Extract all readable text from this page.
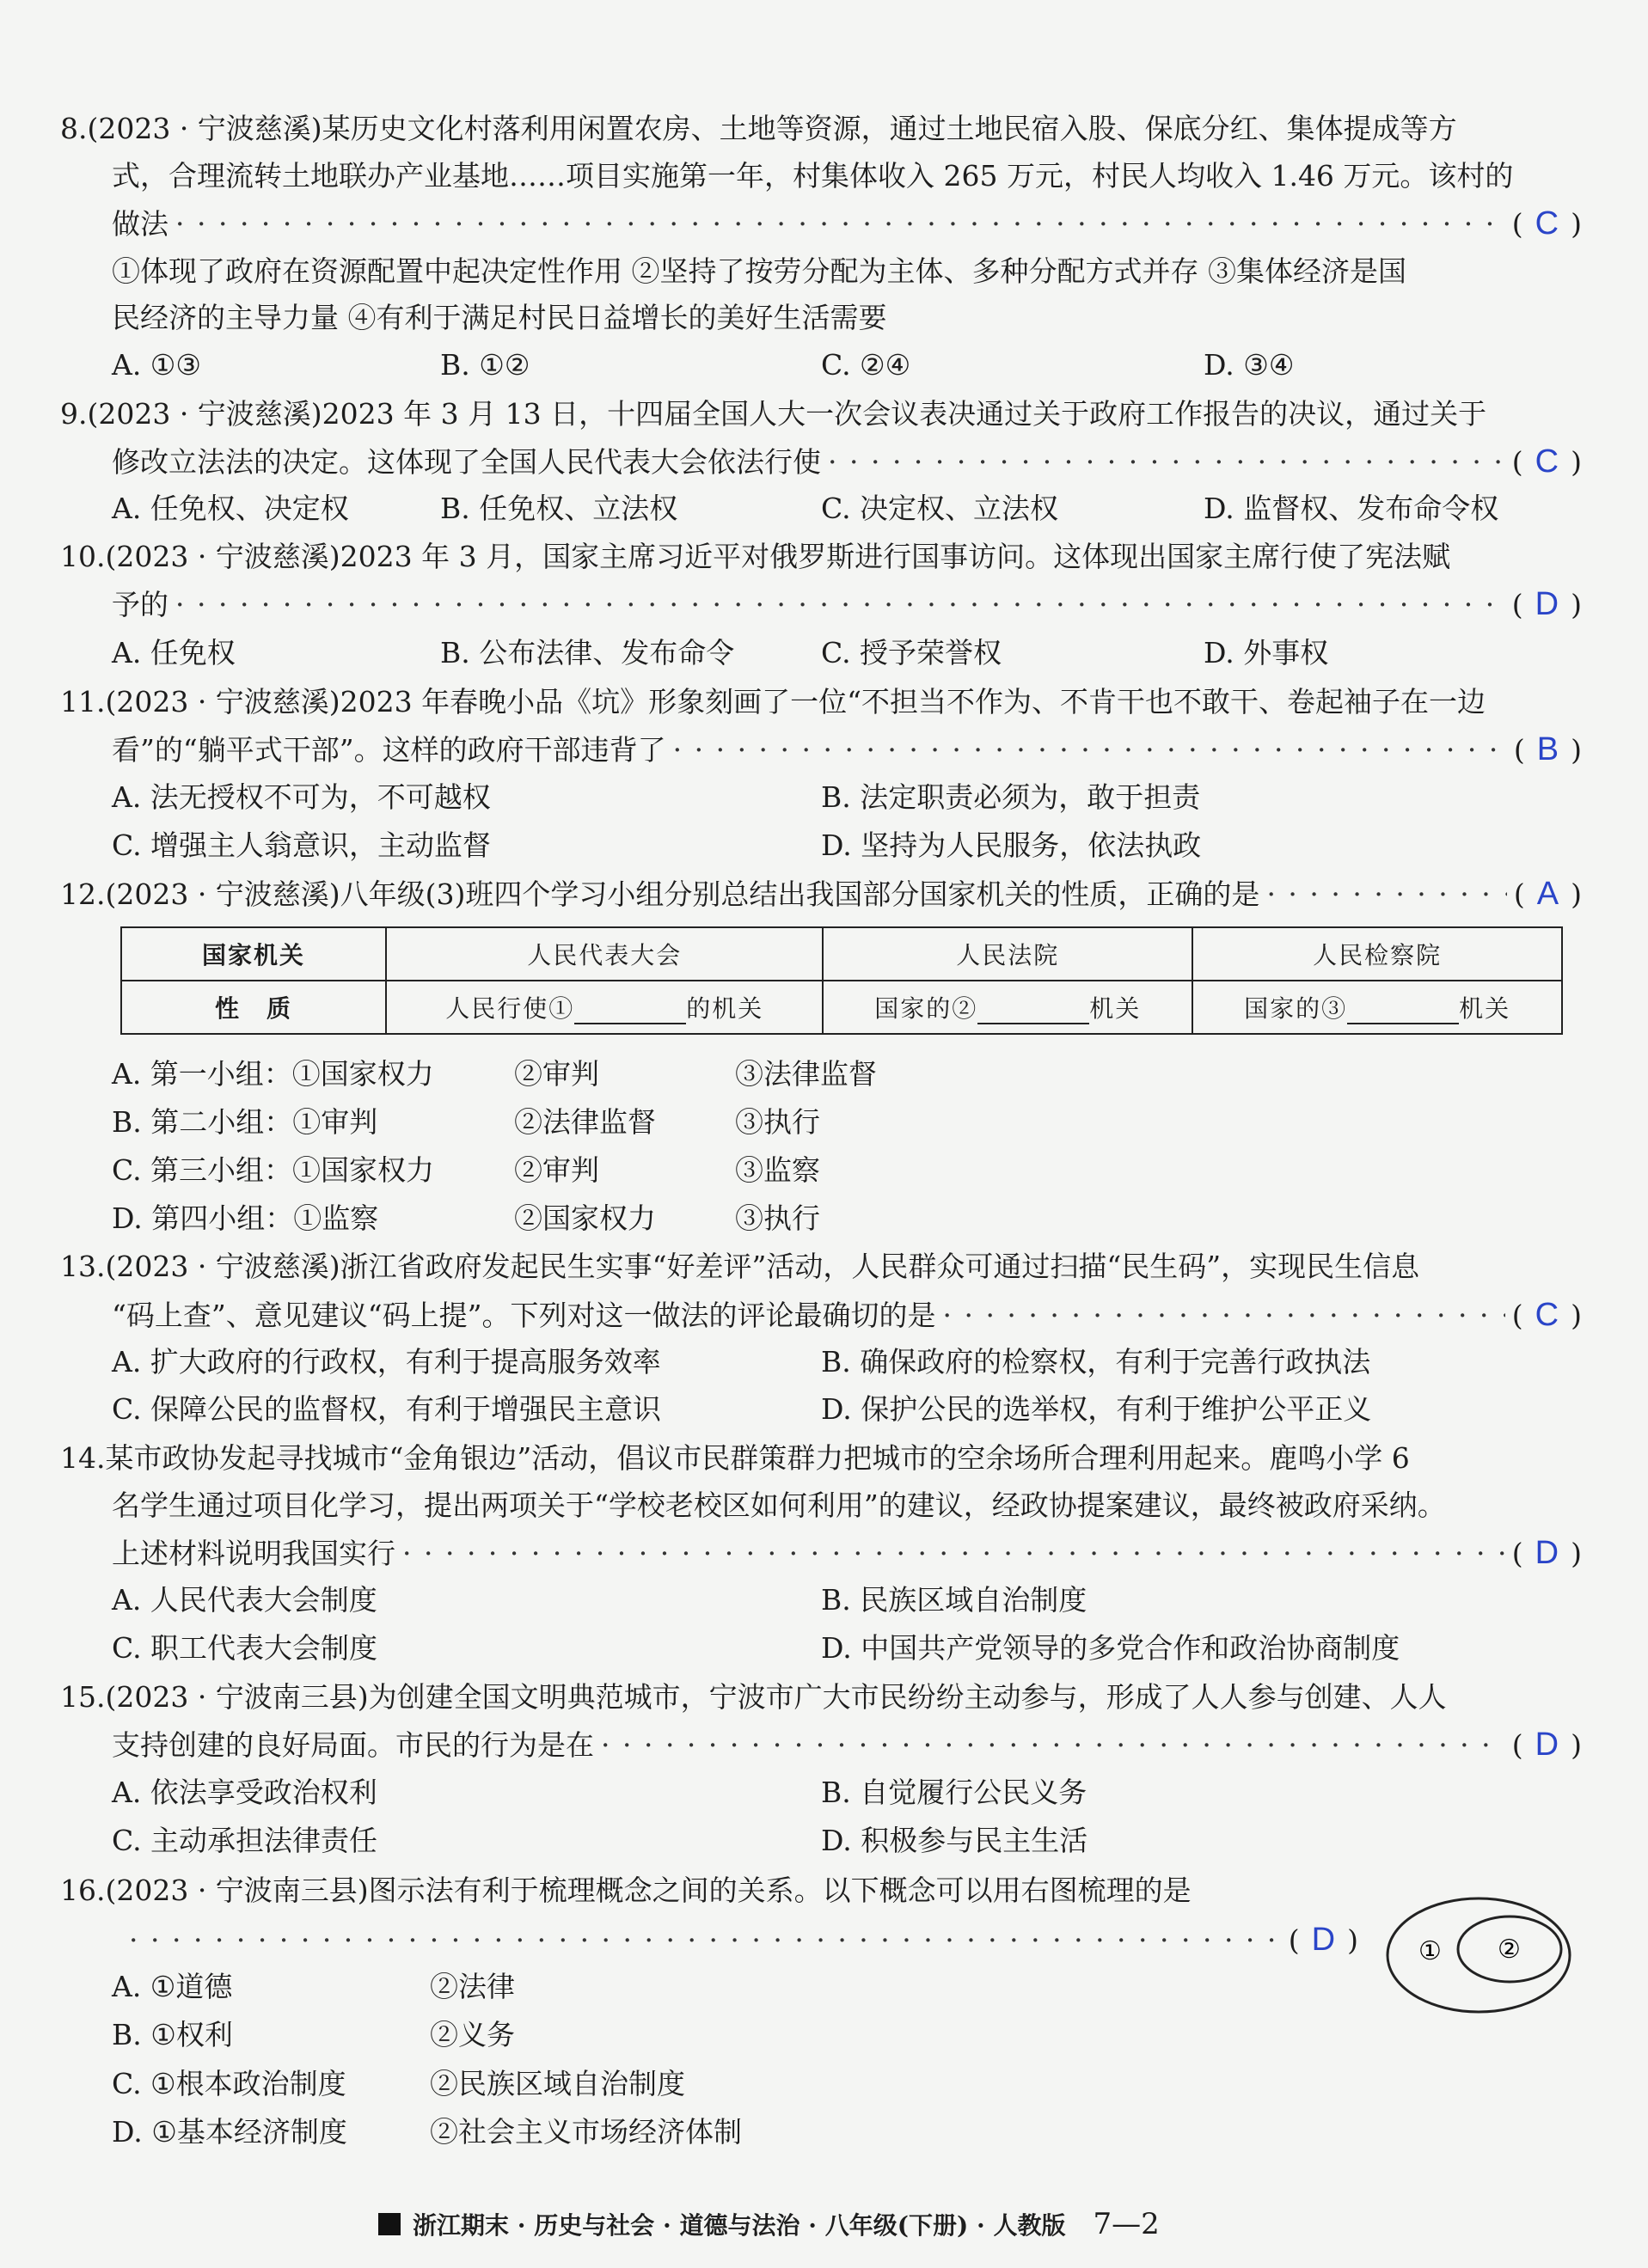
8.(2023 · 宁波慈溪)某历史文化村落利用闲置农房、土地等资源，通过土地民宿入股、保底分红、集体提成等方
式，合理流转土地联办产业基地……项目实施第一年，村集体收入 265 万元，村民人均收入 1.46 万元。该村的
做法 · · ·	( C )
①体现了政府在资源配置中起决定性作用 ②坚持了按劳分配为主体、多种分配方式并存 ③集体经济是国
民经济的主导力量 ④有利于满足村民日益增长的美好生活需要
A. ①③	B. ①②	C. ②④	D. ③④
9.(2023 · 宁波慈溪)2023 年 3 月 13 日，十四届全国人大一次会议表决通过关于政府工作报告的决议，通过关于
修改立法法的决定。这体现了全国人民代表大会依法行使 · · ·	( C )
A. 任免权、决定权	B. 任免权、立法权	C. 决定权、立法权	D. 监督权、发布命令权
10.(2023 · 宁波慈溪)2023 年 3 月，国家主席习近平对俄罗斯进行国事访问。这体现出国家主席行使了宪法赋
予的 · · ·	( D )
A. 任免权	B. 公布法律、发布命令	C. 授予荣誉权	D. 外事权
11.(2023 · 宁波慈溪)2023 年春晚小品《坑》形象刻画了一位“不担当不作为、不肯干也不敢干、卷起袖子在一边
看”的“躺平式干部”。这样的政府干部违背了 · · ·	( B )
A. 法无授权不可为，不可越权	B. 法定职责必须为，敢于担责
C. 增强主人翁意识，主动监督	D. 坚持为人民服务，依法执政
12.(2023 · 宁波慈溪)八年级(3)班四个学习小组分别总结出我国部分国家机关的性质，正确的是 · · ·	( A )
国家机关	人民代表大会	人民法院	人民检察院
性　质	人民行使① 的机关	国家的② 机关	国家的③ 机关
A. 第一小组：①国家权力	②审判	③法律监督
B. 第二小组：①审判	②法律监督	③执行
C. 第三小组：①国家权力	②审判	③监察
D. 第四小组：①监察	②国家权力	③执行
13.(2023 · 宁波慈溪)浙江省政府发起民生实事“好差评”活动，人民群众可通过扫描“民生码”，实现民生信息
“码上查”、意见建议“码上提”。下列对这一做法的评论最确切的是 · · ·	( C )
A. 扩大政府的行政权，有利于提高服务效率	B. 确保政府的检察权，有利于完善行政执法
C. 保障公民的监督权，有利于增强民主意识	D. 保护公民的选举权，有利于维护公平正义
14.某市政协发起寻找城市“金角银边”活动，倡议市民群策群力把城市的空余场所合理利用起来。鹿鸣小学 6
名学生通过项目化学习，提出两项关于“学校老校区如何利用”的建议，经政协提案建议，最终被政府采纳。
上述材料说明我国实行 · · ·	( D )
A. 人民代表大会制度	B. 民族区域自治制度
C. 职工代表大会制度	D. 中国共产党领导的多党合作和政治协商制度
15.(2023 · 宁波南三县)为创建全国文明典范城市，宁波市广大市民纷纷主动参与，形成了人人参与创建、人人
支持创建的良好局面。市民的行为是在 · · ·	( D )
A. 依法享受政治权利	B. 自觉履行公民义务
C. 主动承担法律责任	D. 积极参与民主生活
16.(2023 · 宁波南三县)图示法有利于梳理概念之间的关系。以下概念可以用右图梳理的是
· · ·
( D ) ① ②
A. ①道德	②法律
B. ①权利	②义务
C. ①根本政治制度	②民族区域自治制度
D. ①基本经济制度	②社会主义市场经济体制
浙江期末 · 历史与社会 · 道德与法治 · 八年级(下册) · 人教版 7—2
